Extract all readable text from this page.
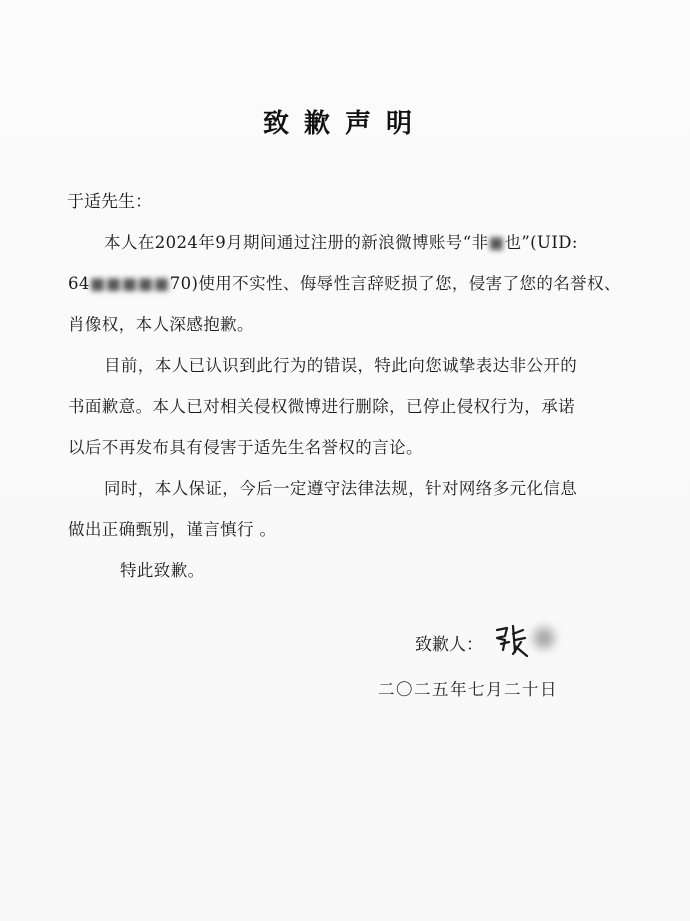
致歉声明
于适先生：
本人在2024年9月期间通过注册的新浪微博账号“非■也”(UID:
64■■■■■70)使用不实性、侮辱性言辞贬损了您，侵害了您的名誉权、
肖像权，本人深感抱歉。
目前，本人已认识到此行为的错误，特此向您诚挚表达非公开的
书面歉意。本人已对相关侵权微博进行删除，已停止侵权行为，承诺
以后不再发布具有侵害于适先生名誉权的言论。
同时，本人保证，今后一定遵守法律法规，针对网络多元化信息
做出正确甄别，谨言慎行 。
特此致歉。
致歉人：
二〇二五年七月二十日
